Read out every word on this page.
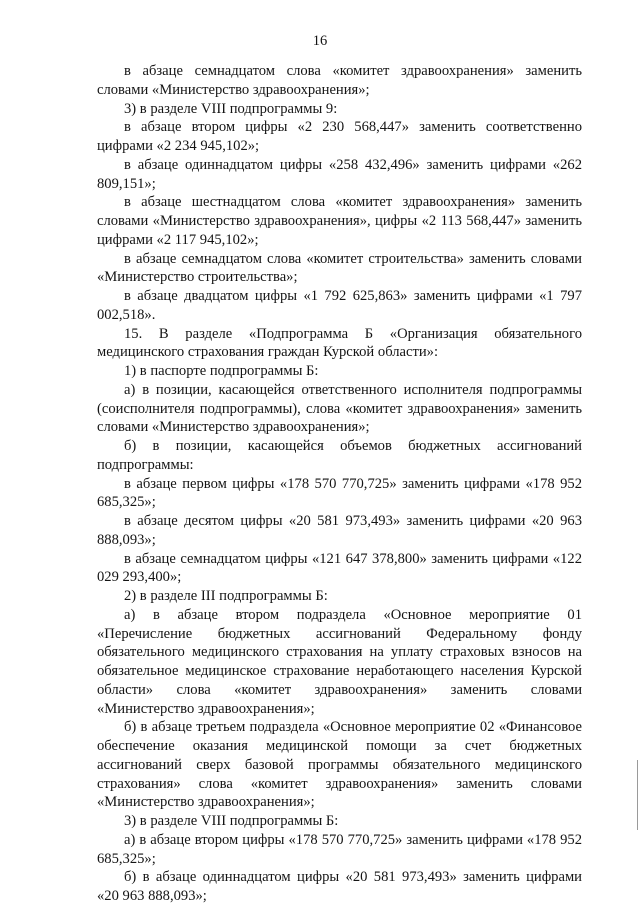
16

в абзаце семнадцатом слова «комитет здравоохранения» заменить словами «Министерство здравоохранения»;

3) в разделе VIII подпрограммы 9:

в абзаце втором цифры «2 230 568,447» заменить соответственно цифрами «2 234 945,102»;

в абзаце одиннадцатом цифры «258 432,496» заменить цифрами «262 809,151»;

в абзаце шестнадцатом слова «комитет здравоохранения» заменить словами «Министерство здравоохранения», цифры «2 113 568,447» заменить цифрами «2 117 945,102»;

в абзаце семнадцатом слова «комитет строительства» заменить словами «Министерство строительства»;

в абзаце двадцатом цифры «1 792 625,863» заменить цифрами «1 797 002,518».

15. В разделе «Подпрограмма Б «Организация обязательного медицинского страхования граждан Курской области»:

1) в паспорте подпрограммы Б:

а) в позиции, касающейся ответственного исполнителя подпрограммы (соисполнителя подпрограммы), слова «комитет здравоохранения» заменить словами «Министерство здравоохранения»;

б) в позиции, касающейся объемов бюджетных ассигнований подпрограммы:

в абзаце первом цифры «178 570 770,725» заменить цифрами «178 952 685,325»;

в абзаце десятом цифры «20 581 973,493» заменить цифрами «20 963 888,093»;

в абзаце семнадцатом цифры «121 647 378,800» заменить цифрами «122 029 293,400»;

2) в разделе III подпрограммы Б:

а) в абзаце втором подраздела «Основное мероприятие 01 «Перечисление бюджетных ассигнований Федеральному фонду обязательного медицинского страхования на уплату страховых взносов на обязательное медицинское страхование неработающего населения Курской области» слова «комитет здравоохранения» заменить словами «Министерство здравоохранения»;

б) в абзаце третьем подраздела «Основное мероприятие 02 «Финансовое обеспечение оказания медицинской помощи за счет бюджетных ассигнований сверх базовой программы обязательного медицинского страхования» слова «комитет здравоохранения» заменить словами «Министерство здравоохранения»;

3) в разделе VIII подпрограммы Б:

а) в абзаце втором цифры «178 570 770,725» заменить цифрами «178 952 685,325»;

б) в абзаце одиннадцатом цифры «20 581 973,493» заменить цифрами «20 963 888,093»;
